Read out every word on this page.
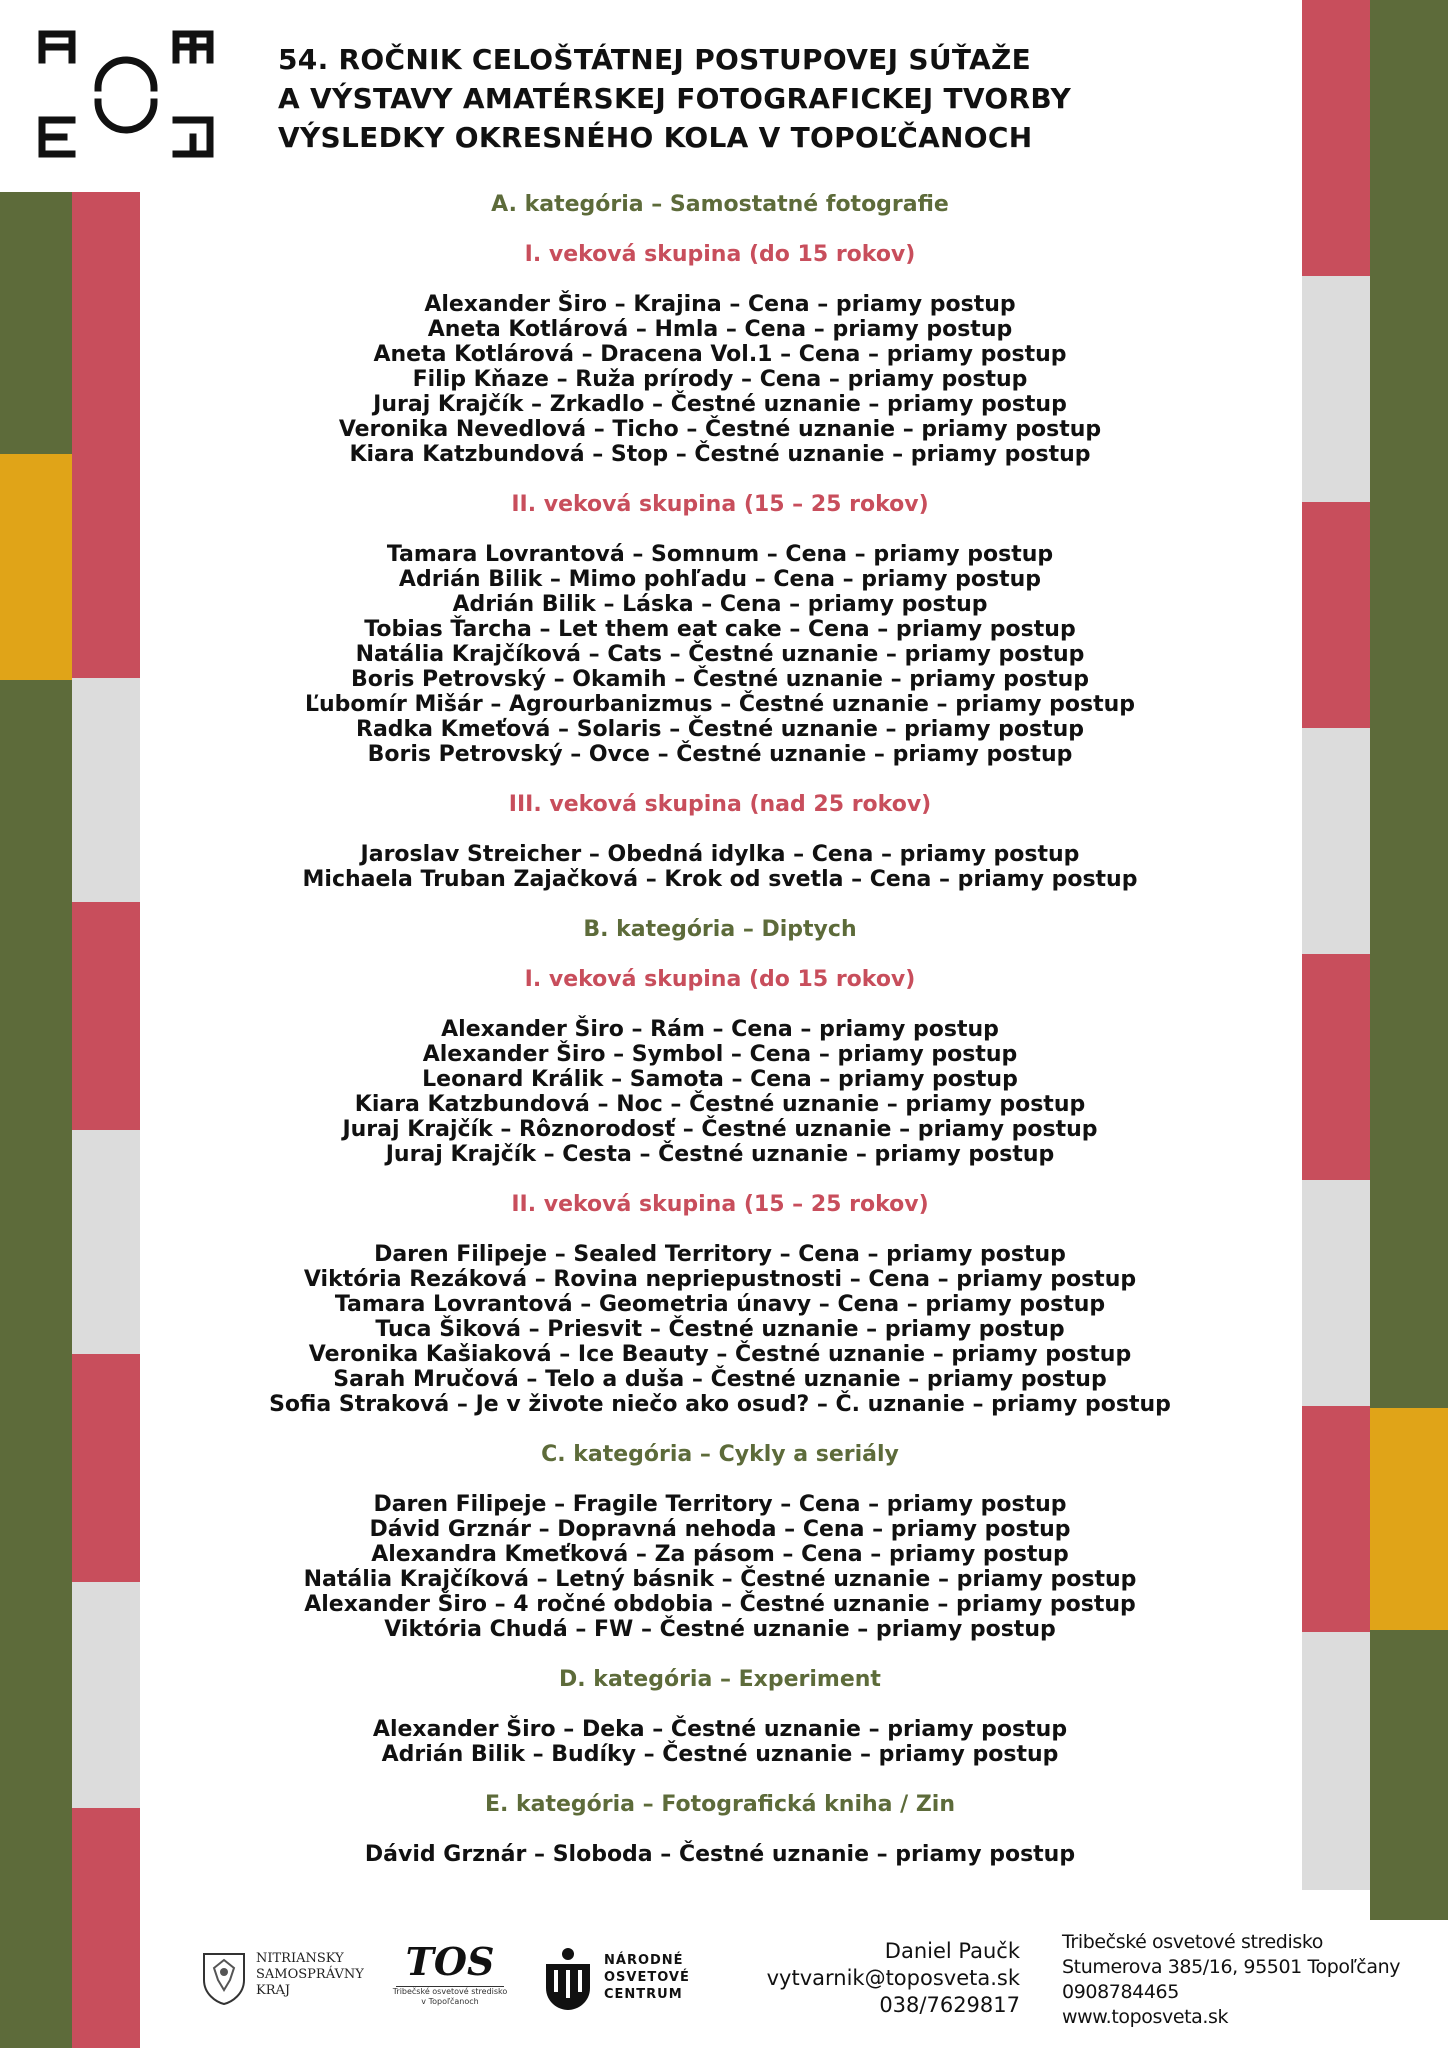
54. ROČNIK CELOŠTÁTNEJ POSTUPOVEJ SÚŤAŽE
A VÝSTAVY AMATÉRSKEJ FOTOGRAFICKEJ TVORBY
VÝSLEDKY OKRESNÉHO KOLA V TOPOĽČANOCH
A. kategória – Samostatné fotografie
I. veková skupina (do 15 rokov)
Alexander Širo – Krajina – Cena – priamy postup
Aneta Kotlárová – Hmla – Cena – priamy postup
Aneta Kotlárová – Dracena Vol.1 – Cena – priamy postup
Filip Kňaze – Ruža prírody – Cena – priamy postup
Juraj Krajčík – Zrkadlo – Čestné uznanie – priamy postup
Veronika Nevedlová – Ticho – Čestné uznanie – priamy postup
Kiara Katzbundová – Stop – Čestné uznanie – priamy postup
II. veková skupina (15 – 25 rokov)
Tamara Lovrantová – Somnum – Cena – priamy postup
Adrián Bilik – Mimo pohľadu – Cena – priamy postup
Adrián Bilik – Láska – Cena – priamy postup
Tobias Ťarcha – Let them eat cake – Cena – priamy postup
Natália Krajčíková – Cats – Čestné uznanie – priamy postup
Boris Petrovský – Okamih – Čestné uznanie – priamy postup
Ľubomír Mišár – Agrourbanizmus – Čestné uznanie – priamy postup
Radka Kmeťová – Solaris – Čestné uznanie – priamy postup
Boris Petrovský – Ovce – Čestné uznanie – priamy postup
III. veková skupina (nad 25 rokov)
Jaroslav Streicher – Obedná idylka – Cena – priamy postup
Michaela Truban Zajačková – Krok od svetla – Cena – priamy postup
B. kategória – Diptych
I. veková skupina (do 15 rokov)
Alexander Širo – Rám – Cena – priamy postup
Alexander Širo – Symbol – Cena – priamy postup
Leonard Králik – Samota – Cena – priamy postup
Kiara Katzbundová – Noc – Čestné uznanie – priamy postup
Juraj Krajčík – Rôznorodosť – Čestné uznanie – priamy postup
Juraj Krajčík – Cesta – Čestné uznanie – priamy postup
II. veková skupina (15 – 25 rokov)
Daren Filipeje – Sealed Territory – Cena – priamy postup
Viktória Rezáková – Rovina nepriepustnosti – Cena – priamy postup
Tamara Lovrantová – Geometria únavy – Cena – priamy postup
Tuca Šiková – Priesvit – Čestné uznanie – priamy postup
Veronika Kašiaková – Ice Beauty – Čestné uznanie – priamy postup
Sarah Mručová – Telo a duša – Čestné uznanie – priamy postup
Sofia Straková – Je v živote niečo ako osud? – Č. uznanie – priamy postup
C. kategória – Cykly a seriály
Daren Filipeje – Fragile Territory – Cena – priamy postup
Dávid Grznár – Dopravná nehoda – Cena – priamy postup
Alexandra Kmeťková – Za pásom – Cena – priamy postup
Natália Krajčíková – Letný básnik – Čestné uznanie – priamy postup
Alexander Širo – 4 ročné obdobia – Čestné uznanie – priamy postup
Viktória Chudá – FW – Čestné uznanie – priamy postup
D. kategória – Experiment
Alexander Širo – Deka – Čestné uznanie – priamy postup
Adrián Bilik – Budíky – Čestné uznanie – priamy postup
E. kategória – Fotografická kniha / Zin
Dávid Grznár – Sloboda – Čestné uznanie – priamy postup
NITRIANSKY
SAMOSPRÁVNY
KRAJ
TOS
Tribečské osvetové stredisko
v Topoľčanoch
NÁRODNÉ
OSVETOVÉ
CENTRUM
Daniel Paučk
vytvarnik@toposveta.sk
038/7629817
Tribečské osvetové stredisko
Stumerova 385/16, 95501 Topoľčany
0908784465
www.toposveta.sk
